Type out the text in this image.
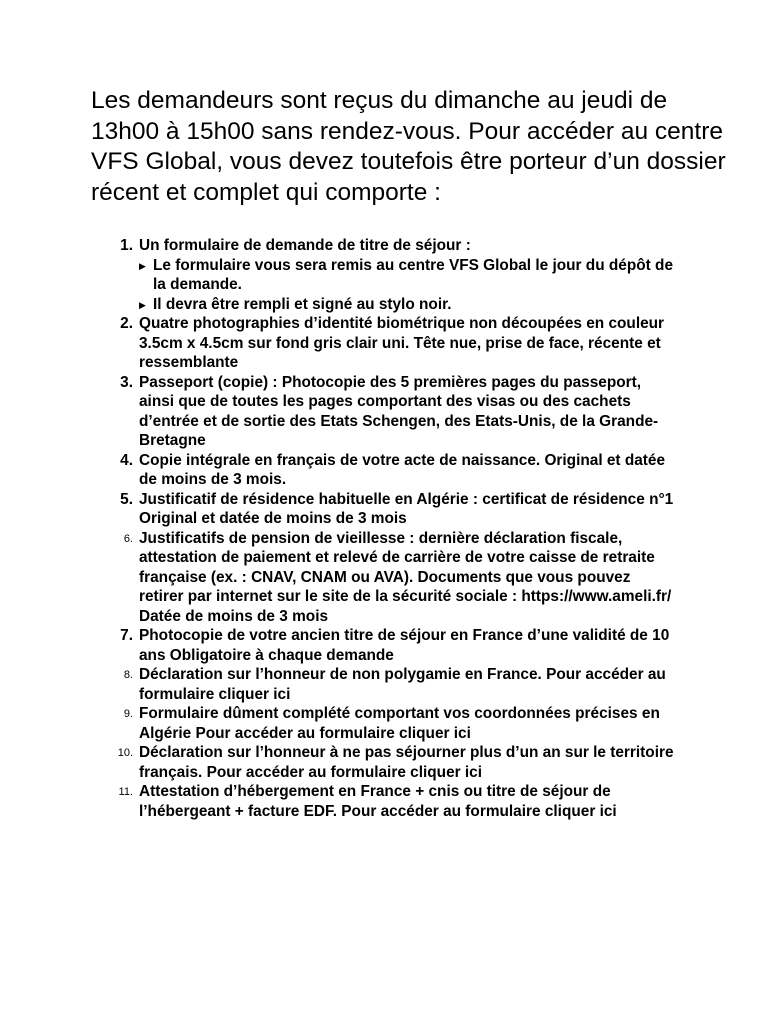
Les demandeurs sont reçus du dimanche au jeudi de 13h00 à 15h00 sans rendez-vous. Pour accéder au centre VFS Global, vous devez toutefois être porteur d’un dossier récent et complet qui comporte :

1. Un formulaire de demande de titre de séjour :
▶ Le formulaire vous sera remis au centre VFS Global le jour du dépôt de la demande.
▶ Il devra être rempli et signé au stylo noir.
2. Quatre photographies d’identité biométrique non découpées en couleur 3.5cm x 4.5cm sur fond gris clair uni. Tête nue, prise de face, récente et ressemblante
3. Passeport (copie) : Photocopie des 5 premières pages du passeport, ainsi que de toutes les pages comportant des visas ou des cachets d’entrée et de sortie des Etats Schengen, des Etats-Unis, de la Grande-Bretagne
4. Copie intégrale en français de votre acte de naissance. Original et datée de moins de 3 mois.
5. Justificatif de résidence habituelle en Algérie : certificat de résidence n°1 Original et datée de moins de 3 mois
6. Justificatifs de pension de vieillesse : dernière déclaration fiscale, attestation de paiement et relevé de carrière de votre caisse de retraite française (ex. : CNAV, CNAM ou AVA). Documents que vous pouvez retirer par internet sur le site de la sécurité sociale : https://www.ameli.fr/ Datée de moins de 3 mois
7. Photocopie de votre ancien titre de séjour en France d’une validité de 10 ans Obligatoire à chaque demande
8. Déclaration sur l’honneur de non polygamie en France. Pour accéder au formulaire cliquer ici
9. Formulaire dûment complété comportant vos coordonnées précises en Algérie Pour accéder au formulaire cliquer ici
10. Déclaration sur l’honneur à ne pas séjourner plus d’un an sur le territoire français. Pour accéder au formulaire cliquer ici
11. Attestation d’hébergement en France + cnis ou titre de séjour de l’hébergeant + facture EDF. Pour accéder au formulaire cliquer ici
